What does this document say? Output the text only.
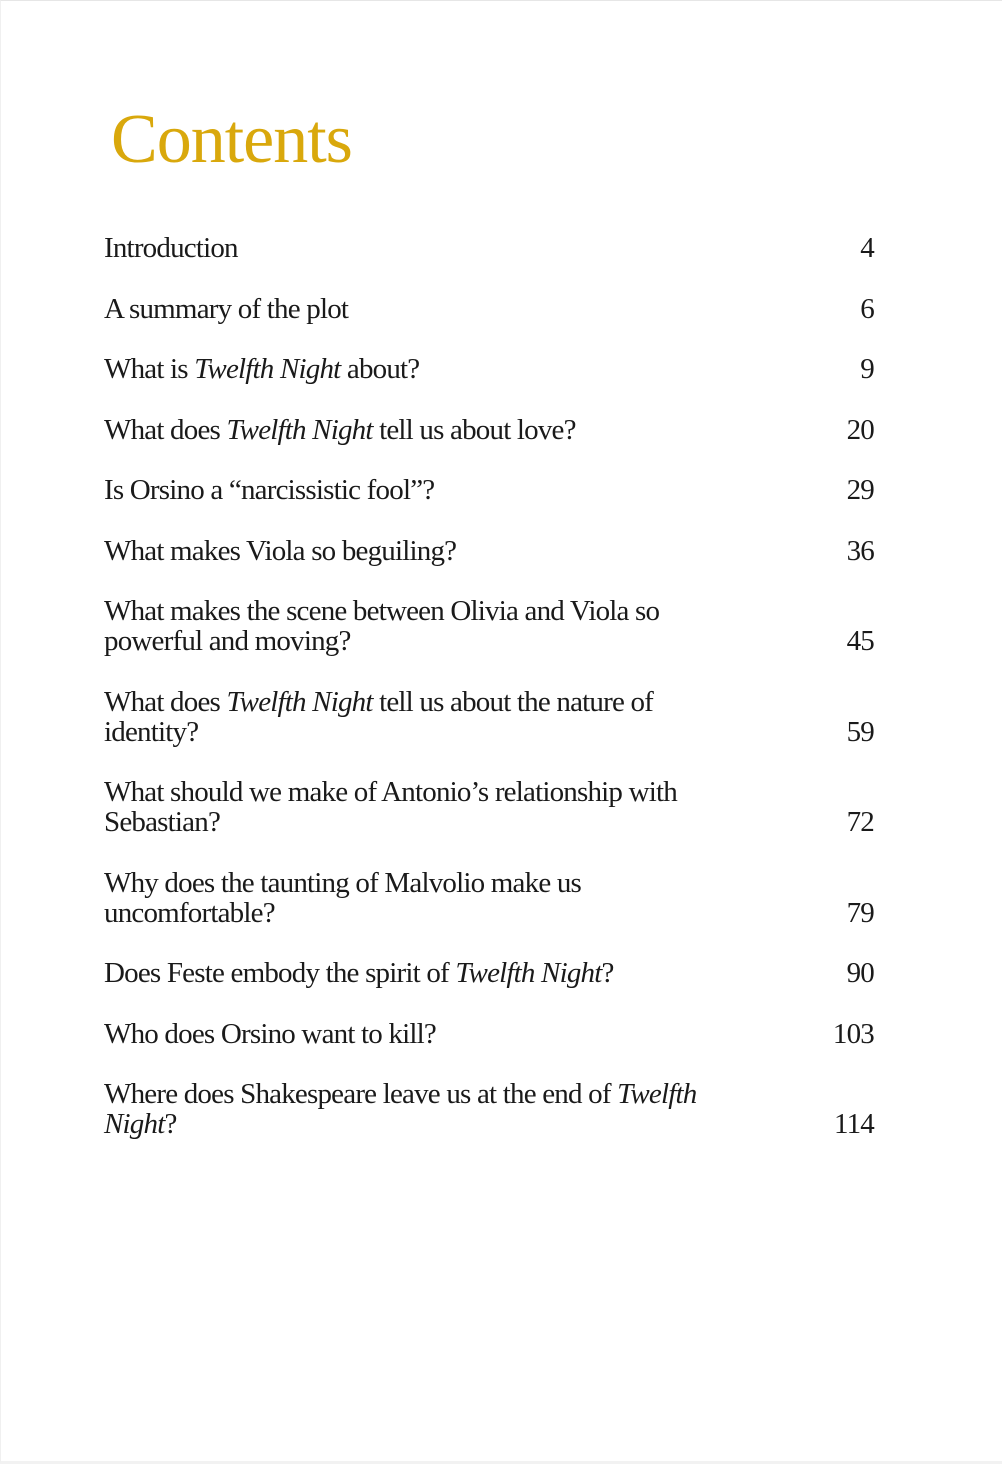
Contents
Introduction	4
A summary of the plot	6
What is Twelfth Night about?	9
What does Twelfth Night tell us about love?	20
Is Orsino a “narcissistic fool”?	29
What makes Viola so beguiling?	36
What makes the scene between Olivia and Viola so powerful and moving?	45
What does Twelfth Night tell us about the nature of identity?	59
What should we make of Antonio’s relationship with Sebastian?	72
Why does the taunting of Malvolio make us uncomfortable?	79
Does Feste embody the spirit of Twelfth Night?	90
Who does Orsino want to kill?	103
Where does Shakespeare leave us at the end of Twelfth Night?	114
